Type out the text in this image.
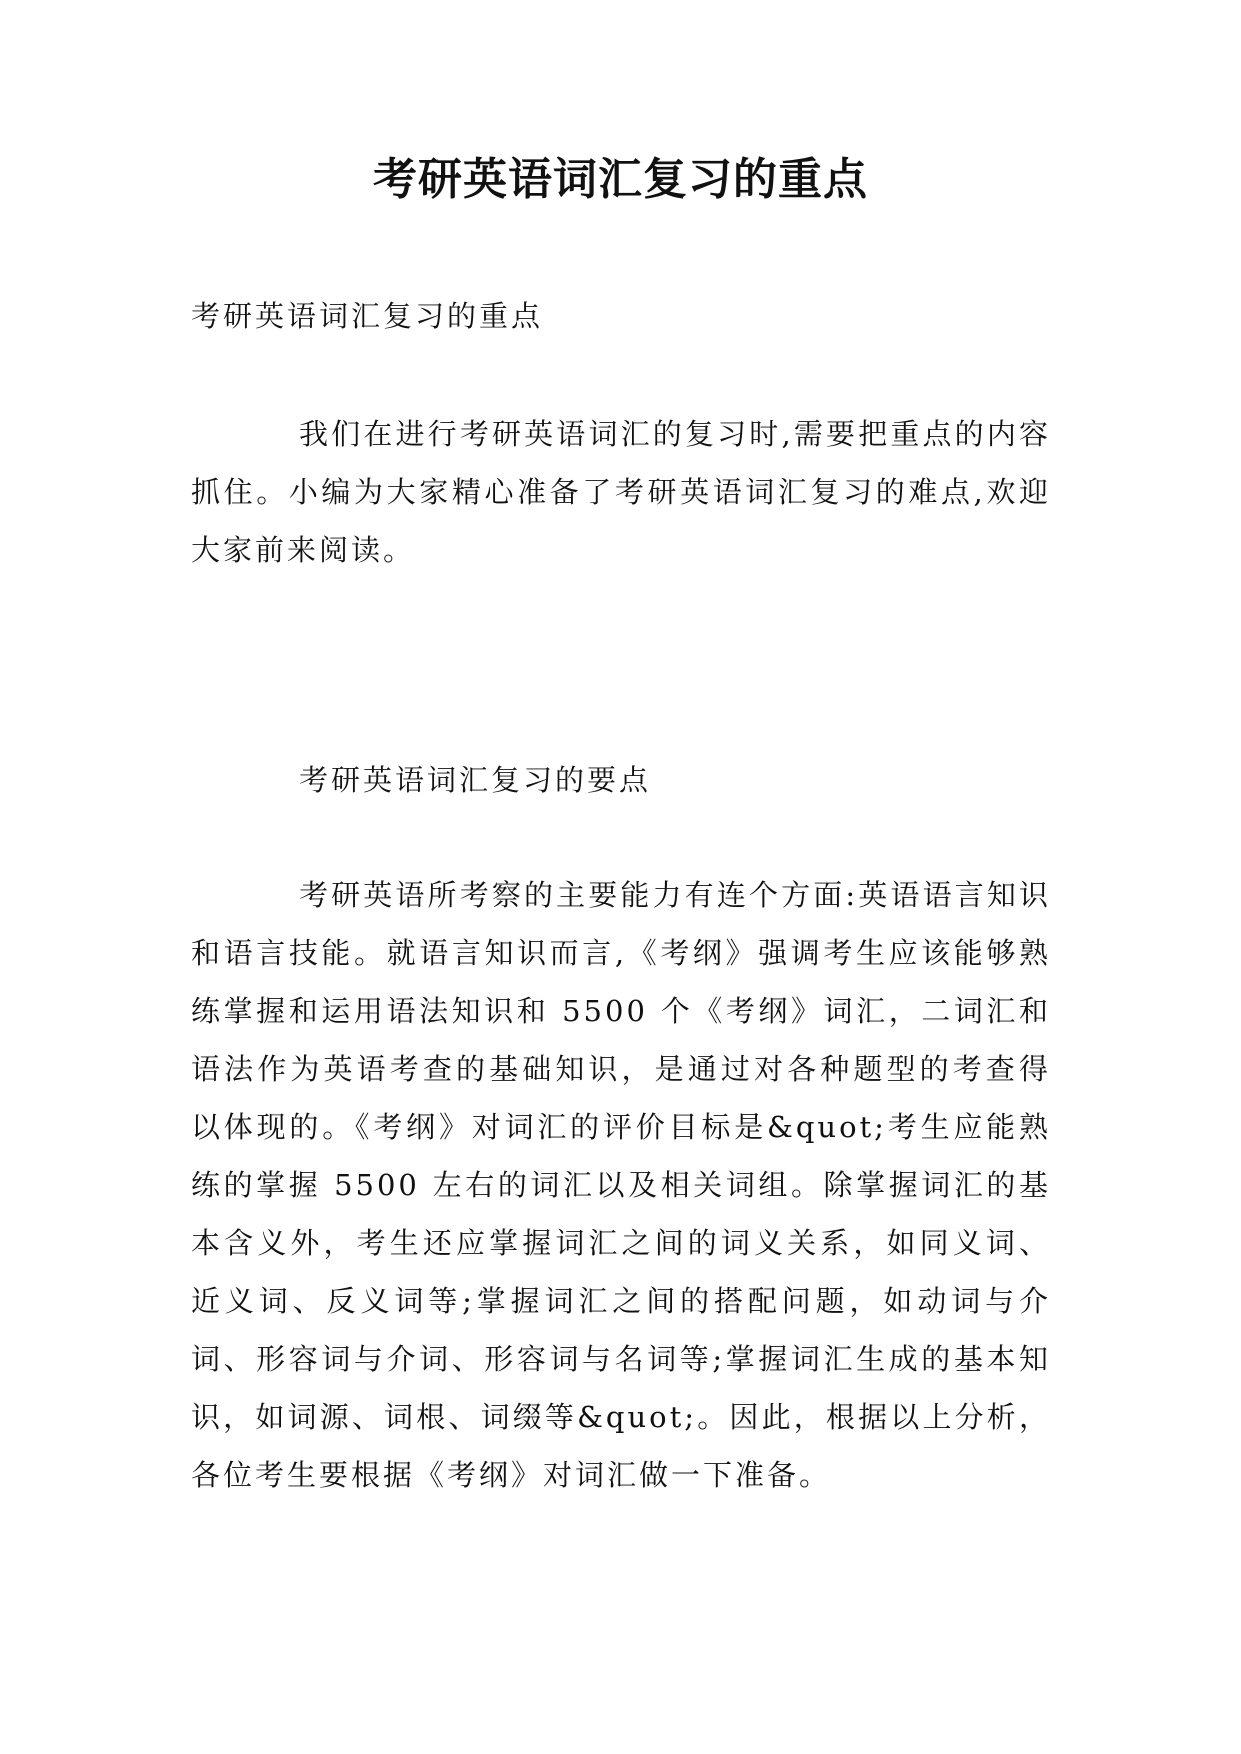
考研英语词汇复习的重点
考研英语词汇复习的重点
我们在进行考研英语词汇的复习时,需要把重点的内容抓住。小编为大家精心准备了考研英语词汇复习的难点,欢迎大家前来阅读。
考研英语词汇复习的要点
考研英语所考察的主要能力有连个方面:英语语言知识和语言技能。就语言知识而言,《考纲》强调考生应该能够熟练掌握和运用语法知识和 5500 个《考纲》词汇，二词汇和语法作为英语考查的基础知识，是通过对各种题型的考查得以体现的。《考纲》对词汇的评价目标是&quot;考生应能熟练的掌握 5500 左右的词汇以及相关词组。除掌握词汇的基本含义外，考生还应掌握词汇之间的词义关系，如同义词、近义词、反义词等;掌握词汇之间的搭配问题，如动词与介词、形容词与介词、形容词与名词等;掌握词汇生成的基本知识，如词源、词根、词缀等&quot;。因此，根据以上分析，各位考生要根据《考纲》对词汇做一下准备。
